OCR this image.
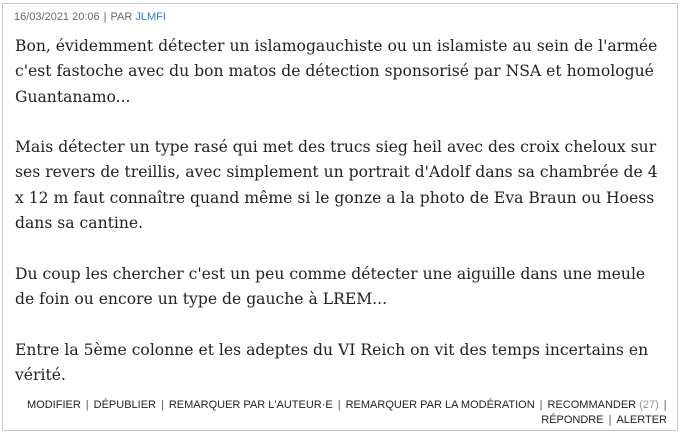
16/03/2021 20:06 | PAR JLMFI

Bon, évidemment détecter un islamogauchiste ou un islamiste au sein de l'armée c'est fastoche avec du bon matos de détection sponsorisé par NSA et homologué Guantanamo...

Mais détecter un type rasé qui met des trucs sieg heil avec des croix cheloux sur ses revers de treillis, avec simplement un portrait d'Adolf dans sa chambrée de 4 x 12 m faut connaître quand même si le gonze a la photo de Eva Braun ou Hoess dans sa cantine.

Du coup les chercher c'est un peu comme détecter une aiguille dans une meule de foin ou encore un type de gauche à LREM...

Entre la 5ème colonne et les adeptes du VI Reich on vit des temps incertains en vérité.

MODIFIER | DÉPUBLIER | REMARQUER PAR L'AUTEUR·E | REMARQUER PAR LA MODÉRATION | RECOMMANDER (27) |
RÉPONDRE | ALERTER
